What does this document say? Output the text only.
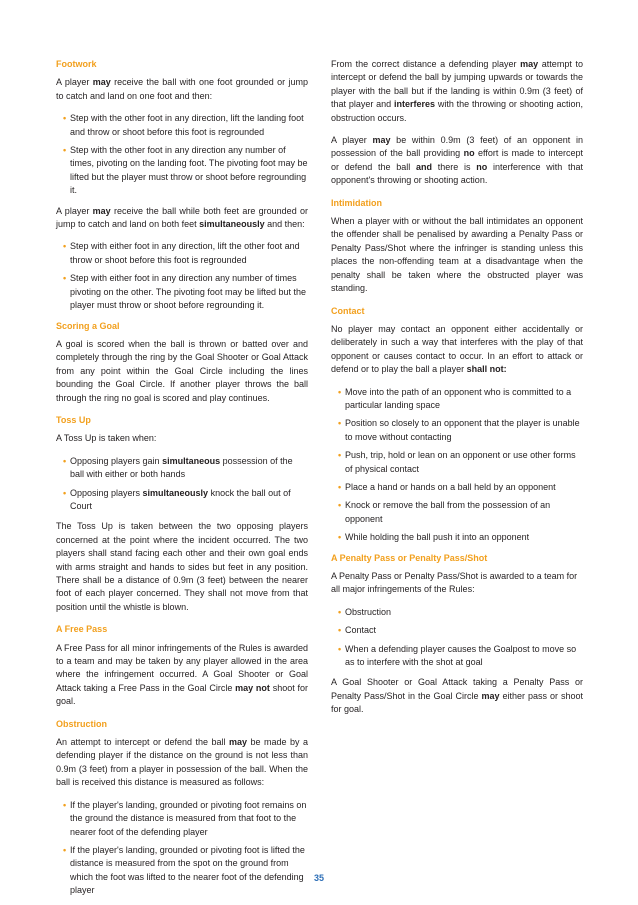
Footwork

A player may receive the ball with one foot grounded or jump to catch and land on one foot and then:

• Step with the other foot in any direction, lift the landing foot and throw or shoot before this foot is regrounded
• Step with the other foot in any direction any number of times, pivoting on the landing foot. The pivoting foot may be lifted but the player must throw or shoot before regrounding it.

A player may receive the ball while both feet are grounded or jump to catch and land on both feet simultaneously and then:

• Step with either foot in any direction, lift the other foot and throw or shoot before this foot is regrounded
• Step with either foot in any direction any number of times pivoting on the other. The pivoting foot may be lifted but the player must throw or shoot before regrounding it.
Scoring a Goal

A goal is scored when the ball is thrown or batted over and completely through the ring by the Goal Shooter or Goal Attack from any point within the Goal Circle including the lines bounding the Goal Circle. If another player throws the ball through the ring no goal is scored and play continues.

Toss Up

A Toss Up is taken when:

• Opposing players gain simultaneous possession of the ball with either or both hands
• Opposing players simultaneously knock the ball out of Court

The Toss Up is taken between the two opposing players concerned at the point where the incident occurred. The two players shall stand facing each other and their own goal ends with arms straight and hands to sides but feet in any position. There shall be a distance of 0.9m (3 feet) between the nearer foot of each player concerned. They shall not move from that position until the whistle is blown.

A Free Pass

A Free Pass for all minor infringements of the Rules is awarded to a team and may be taken by any player allowed in the area where the infringement occurred. A Goal Shooter or Goal Attack taking a Free Pass in the Goal Circle may not shoot for goal.

Obstruction

An attempt to intercept or defend the ball may be made by a defending player if the distance on the ground is not less than 0.9m (3 feet) from a player in possession of the ball. When the ball is received this distance is measured as follows:

• If the player's landing, grounded or pivoting foot remains on the ground the distance is measured from that foot to the nearer foot of the defending player
• If the player's landing, grounded or pivoting foot is lifted the distance is measured from the spot on the ground from which the foot was lifted to the nearer foot of the defending player

From the correct distance a defending player may attempt to intercept or defend the ball by jumping upwards or towards the player with the ball but if the landing is within 0.9m (3 feet) of that player and interferes with the throwing or shooting action, obstruction occurs.

A player may be within 0.9m (3 feet) of an opponent in possession of the ball providing no effort is made to intercept or defend the ball and there is no interference with that opponent's throwing or shooting action.

Intimidation

When a player with or without the ball intimidates an opponent the offender shall be penalised by awarding a Penalty Pass or Penalty Pass/Shot where the infringer is standing unless this places the non-offending team at a disadvantage when the penalty shall be taken where the obstructed player was standing.

Contact

No player may contact an opponent either accidentally or deliberately in such a way that interferes with the play of that opponent or causes contact to occur. In an effort to attack or defend or to play the ball a player shall not:

• Move into the path of an opponent who is committed to a particular landing space
• Position so closely to an opponent that the player is unable to move without contacting
• Push, trip, hold or lean on an opponent or use other forms of physical contact
• Place a hand or hands on a ball held by an opponent
• Knock or remove the ball from the possession of an opponent
• While holding the ball push it into an opponent
A Penalty Pass or Penalty Pass/Shot

A Penalty Pass or Penalty Pass/Shot is awarded to a team for all major infringements of the Rules:

• Obstruction
• Contact
• When a defending player causes the Goalpost to move so as to interfere with the shot at goal

A Goal Shooter or Goal Attack taking a Penalty Pass or Penalty Pass/Shot in the Goal Circle may either pass or shoot for goal.

35
